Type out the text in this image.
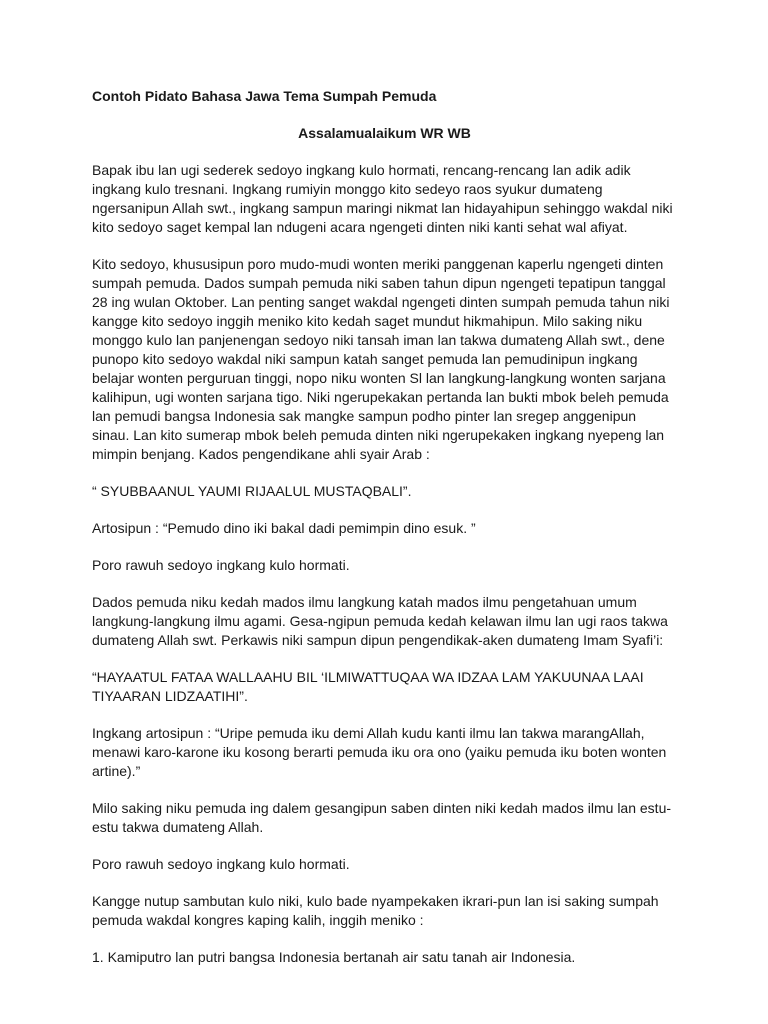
Contoh Pidato Bahasa Jawa Tema Sumpah Pemuda

Assalamualaikum WR WB

Bapak ibu lan ugi sederek sedoyo ingkang kulo hormati, rencang-rencang lan adik adik ingkang kulo tresnani. Ingkang rumiyin monggo kito sedeyo raos syukur dumateng ngersanipun Allah swt., ingkang sampun maringi nikmat lan hidayahipun sehinggo wakdal niki kito sedoyo saget kempal lan ndugeni acara ngengeti dinten niki kanti sehat wal afiyat.

Kito sedoyo, khususipun poro mudo-mudi wonten meriki panggenan kaperlu ngengeti dinten sumpah pemuda. Dados sumpah pemuda niki saben tahun dipun ngengeti tepatipun tanggal 28 ing wulan Oktober. Lan penting sanget wakdal ngengeti dinten sumpah pemuda tahun niki kangge kito sedoyo inggih meniko kito kedah saget mundut hikmahipun. Milo saking niku monggo kulo lan panjenengan sedoyo niki tansah iman lan takwa dumateng Allah swt., dene punopo kito sedoyo wakdal niki sampun katah sanget pemuda lan pemudinipun ingkang belajar wonten perguruan tinggi, nopo niku wonten Sl lan langkung-langkung wonten sarjana kalihipun, ugi wonten sarjana tigo. Niki ngerupekakan pertanda lan bukti mbok beleh pemuda lan pemudi bangsa Indonesia sak mangke sampun podho pinter lan sregep anggenipun sinau. Lan kito sumerap mbok beleh pemuda dinten niki ngerupekaken ingkang nyepeng lan mimpin benjang. Kados pengendikane ahli syair Arab :

“ SYUBBAANUL YAUMI RIJAALUL MUSTAQBALI”.

Artosipun : “Pemudo dino iki bakal dadi pemimpin dino esuk. ”

Poro rawuh sedoyo ingkang kulo hormati.

Dados pemuda niku kedah mados ilmu langkung katah mados ilmu pengetahuan umum langkung-langkung ilmu agami. Gesa-ngipun pemuda kedah kelawan ilmu lan ugi raos takwa dumateng Allah swt. Perkawis niki sampun dipun pengendikak-aken dumateng Imam Syafi’i:

“HAYAATUL FATAA WALLAAHU BIL ‘ILMIWATTUQAA WA IDZAA LAM YAKUUNAA LAAI TIYAARAN LIDZAATIHI”.

Ingkang artosipun : “Uripe pemuda iku demi Allah kudu kanti ilmu lan takwa marangAllah, menawi karo-karone iku kosong berarti pemuda iku ora ono (yaiku pemuda iku boten wonten artine).”

Milo saking niku pemuda ing dalem gesangipun saben dinten niki kedah mados ilmu lan estu-estu takwa dumateng Allah.

Poro rawuh sedoyo ingkang kulo hormati.

Kangge nutup sambutan kulo niki, kulo bade nyampekaken ikrari-pun lan isi saking sumpah pemuda wakdal kongres kaping kalih, inggih meniko :

1. Kamiputro lan putri bangsa Indonesia bertanah air satu tanah air Indonesia.
